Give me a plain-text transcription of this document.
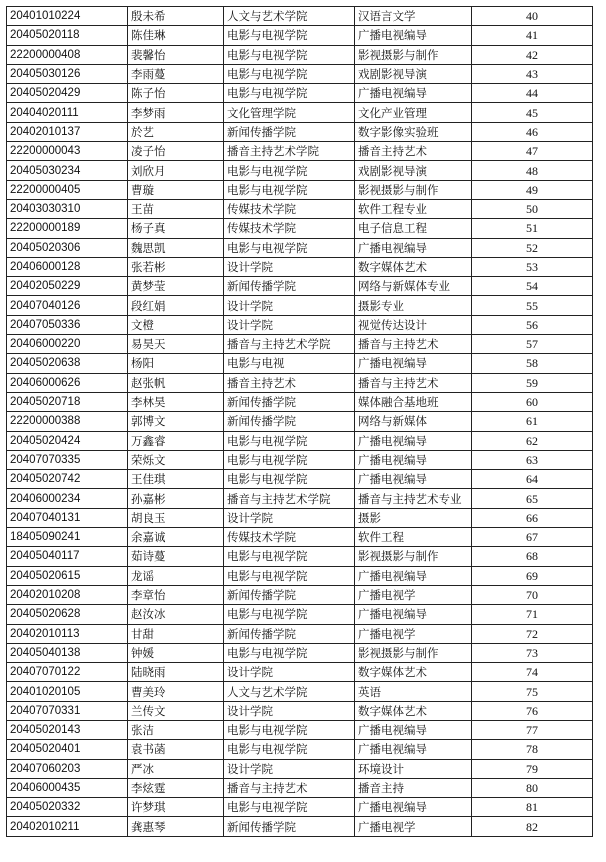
20401010224	殷未希	人文与艺术学院	汉语言文学	40
20405020118	陈佳琳	电影与电视学院	广播电视编导	41
22200000408	裴馨怡	电影与电视学院	影视摄影与制作	42
20405030126	李雨蔓	电影与电视学院	戏剧影视导演	43
20405020429	陈子怡	电影与电视学院	广播电视编导	44
20404020111	李梦雨	文化管理学院	文化产业管理	45
20402010137	於艺	新闻传播学院	数字影像实验班	46
22200000043	凌子怡	播音主持艺术学院	播音主持艺术	47
20405030234	刘欣月	电影与电视学院	戏剧影视导演	48
22200000405	曹璇	电影与电视学院	影视摄影与制作	49
20403030310	王苗	传媒技术学院	软件工程专业	50
22200000189	杨子真	传媒技术学院	电子信息工程	51
20405020306	魏思凯	电影与电视学院	广播电视编导	52
20406000128	张若彬	设计学院	数字媒体艺术	53
20402050229	黄梦莹	新闻传播学院	网络与新媒体专业	54
20407040126	段红娟	设计学院	摄影专业	55
20407050336	文橙	设计学院	视觉传达设计	56
20406000220	易昊天	播音与主持艺术学院	播音与主持艺术	57
20405020638	杨阳	电影与电视	广播电视编导	58
20406000626	赵张帆	播音主持艺术	播音与主持艺术	59
20405020718	李林昊	新闻传播学院	媒体融合基地班	60
22200000388	郭博文	新闻传播学院	网络与新媒体	61
20405020424	万鑫睿	电影与电视学院	广播电视编导	62
20407070335	荣烁文	电影与电视学院	广播电视编导	63
20405020742	王佳琪	电影与电视学院	广播电视编导	64
20406000234	孙嘉彬	播音与主持艺术学院	播音与主持艺术专业	65
20407040131	胡良玉	设计学院	摄影	66
18405090241	余嘉诚	传媒技术学院	软件工程	67
20405040117	茹诗蔓	电影与电视学院	影视摄影与制作	68
20405020615	龙谣	电影与电视学院	广播电视编导	69
20402010208	李章怡	新闻传播学院	广播电视学	70
20405020628	赵汝冰	电影与电视学院	广播电视编导	71
20402010113	甘甜	新闻传播学院	广播电视学	72
20405040138	钟媛	电影与电视学院	影视摄影与制作	73
20407070122	陆晓雨	设计学院	数字媒体艺术	74
20401020105	曹美玲	人文与艺术学院	英语	75
20407070331	兰传文	设计学院	数字媒体艺术	76
20405020143	张洁	电影与电视学院	广播电视编导	77
20405020401	袁书菡	电影与电视学院	广播电视编导	78
20407060203	严冰	设计学院	环境设计	79
20406000435	李炫霆	播音与主持艺术	播音主持	80
20405020332	许梦琪	电影与电视学院	广播电视编导	81
20402010211	龚惠琴	新闻传播学院	广播电视学	82
